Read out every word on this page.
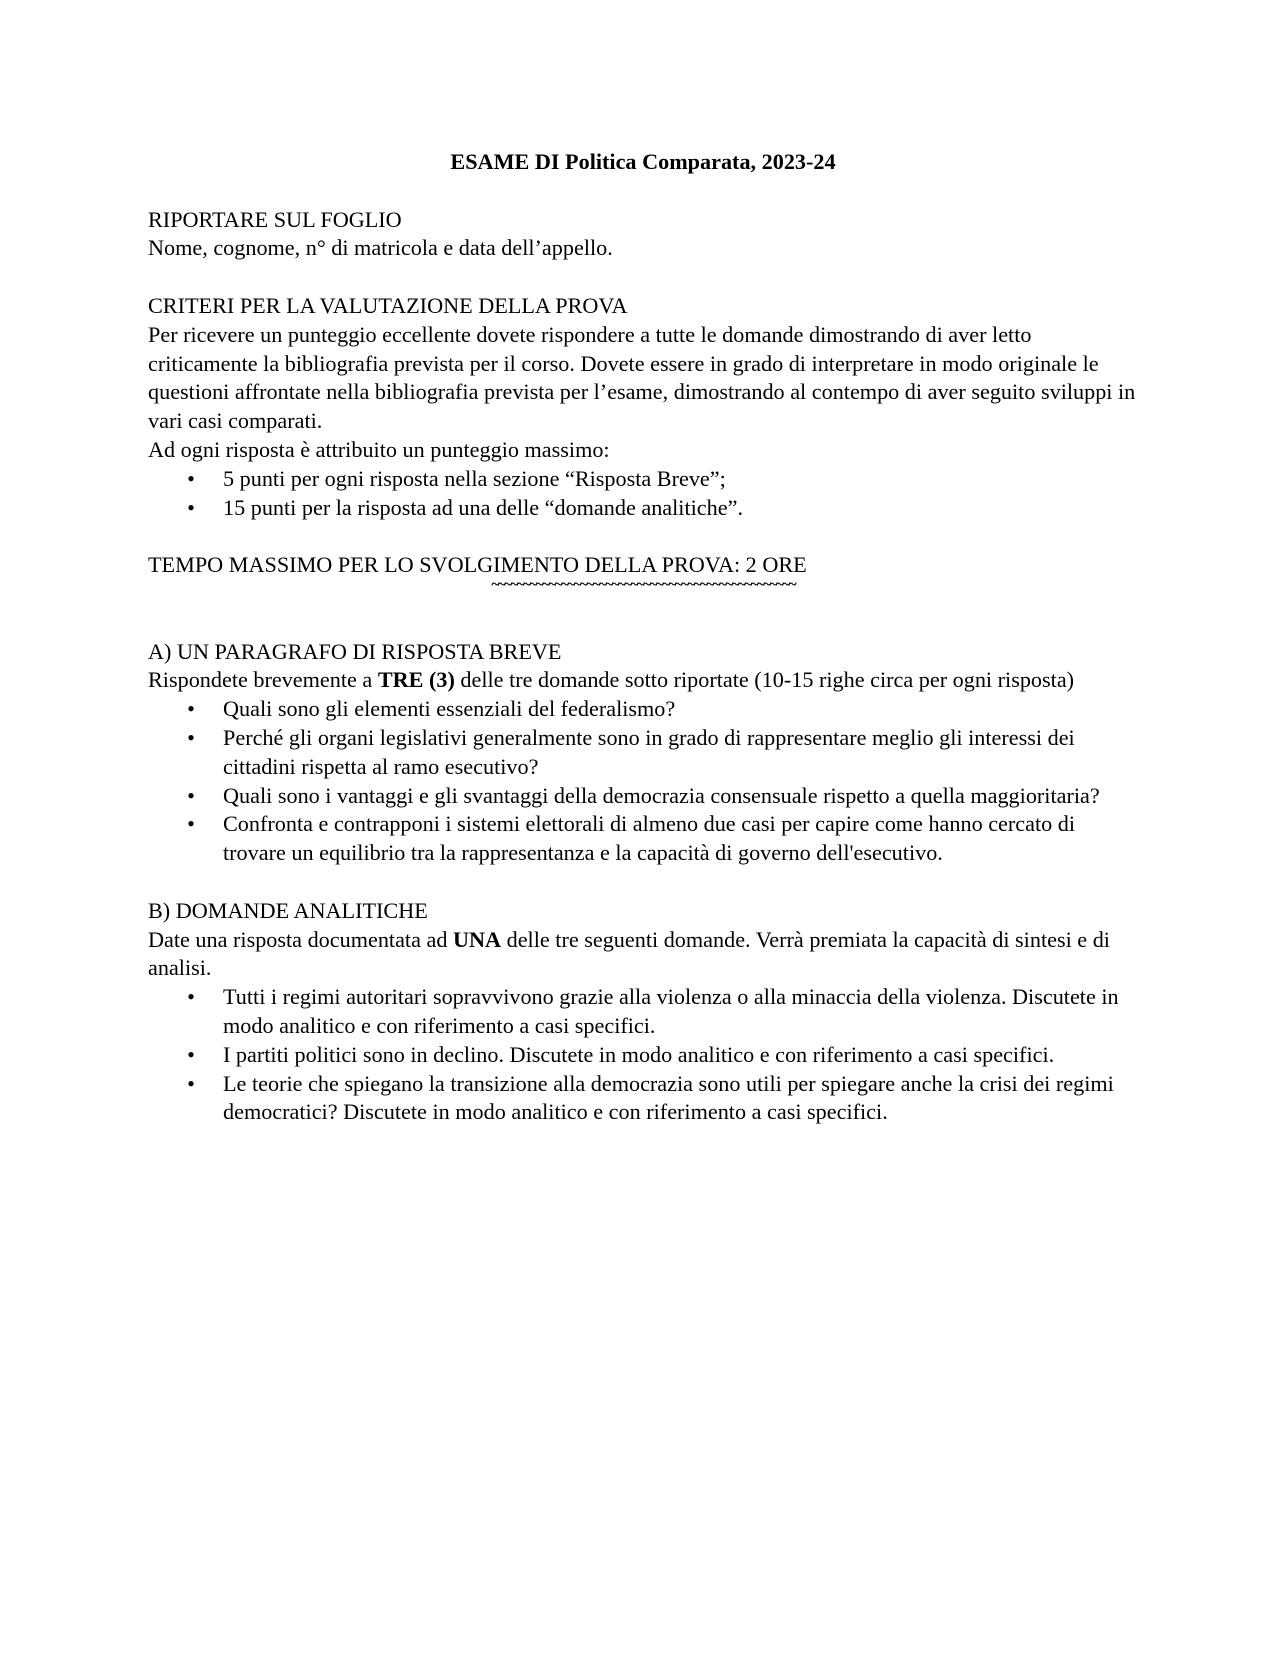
ESAME DI Politica Comparata, 2023-24

RIPORTARE SUL FOGLIO

Nome, cognome, n° di matricola e data dell’appello.

CRITERI PER LA VALUTAZIONE DELLA PROVA

Per ricevere un punteggio eccellente dovete rispondere a tutte le domande dimostrando di aver letto criticamente la bibliografia prevista per il corso. Dovete essere in grado di interpretare in modo originale le questioni affrontate nella bibliografia prevista per l’esame, dimostrando al contempo di aver seguito sviluppi in vari casi comparati.

Ad ogni risposta è attribuito un punteggio massimo:

• 5 punti per ogni risposta nella sezione “Risposta Breve”;
• 15 punti per la risposta ad una delle “domande analitiche”.

TEMPO MASSIMO PER LO SVOLGIMENTO DELLA PROVA: 2 ORE

~~~~~~~~~~~~~~~~~~~~~~~~~~~~~~~~~~~~~~~~~~~~~~~~

A) UN PARAGRAFO DI RISPOSTA BREVE

Rispondete brevemente a TRE (3) delle tre domande sotto riportate (10-15 righe circa per ogni risposta)

• Quali sono gli elementi essenziali del federalismo?
• Perché gli organi legislativi generalmente sono in grado di rappresentare meglio gli interessi dei cittadini rispetta al ramo esecutivo?
• Quali sono i vantaggi e gli svantaggi della democrazia consensuale rispetto a quella maggioritaria?
• Confronta e contrapponi i sistemi elettorali di almeno due casi per capire come hanno cercato di trovare un equilibrio tra la rappresentanza e la capacità di governo dell'esecutivo.

B) DOMANDE ANALITICHE

Date una risposta documentata ad UNA delle tre seguenti domande. Verrà premiata la capacità di sintesi e di analisi.

• Tutti i regimi autoritari sopravvivono grazie alla violenza o alla minaccia della violenza. Discutete in modo analitico e con riferimento a casi specifici.
• I partiti politici sono in declino. Discutete in modo analitico e con riferimento a casi specifici.
• Le teorie che spiegano la transizione alla democrazia sono utili per spiegare anche la crisi dei regimi democratici? Discutete in modo analitico e con riferimento a casi specifici.
